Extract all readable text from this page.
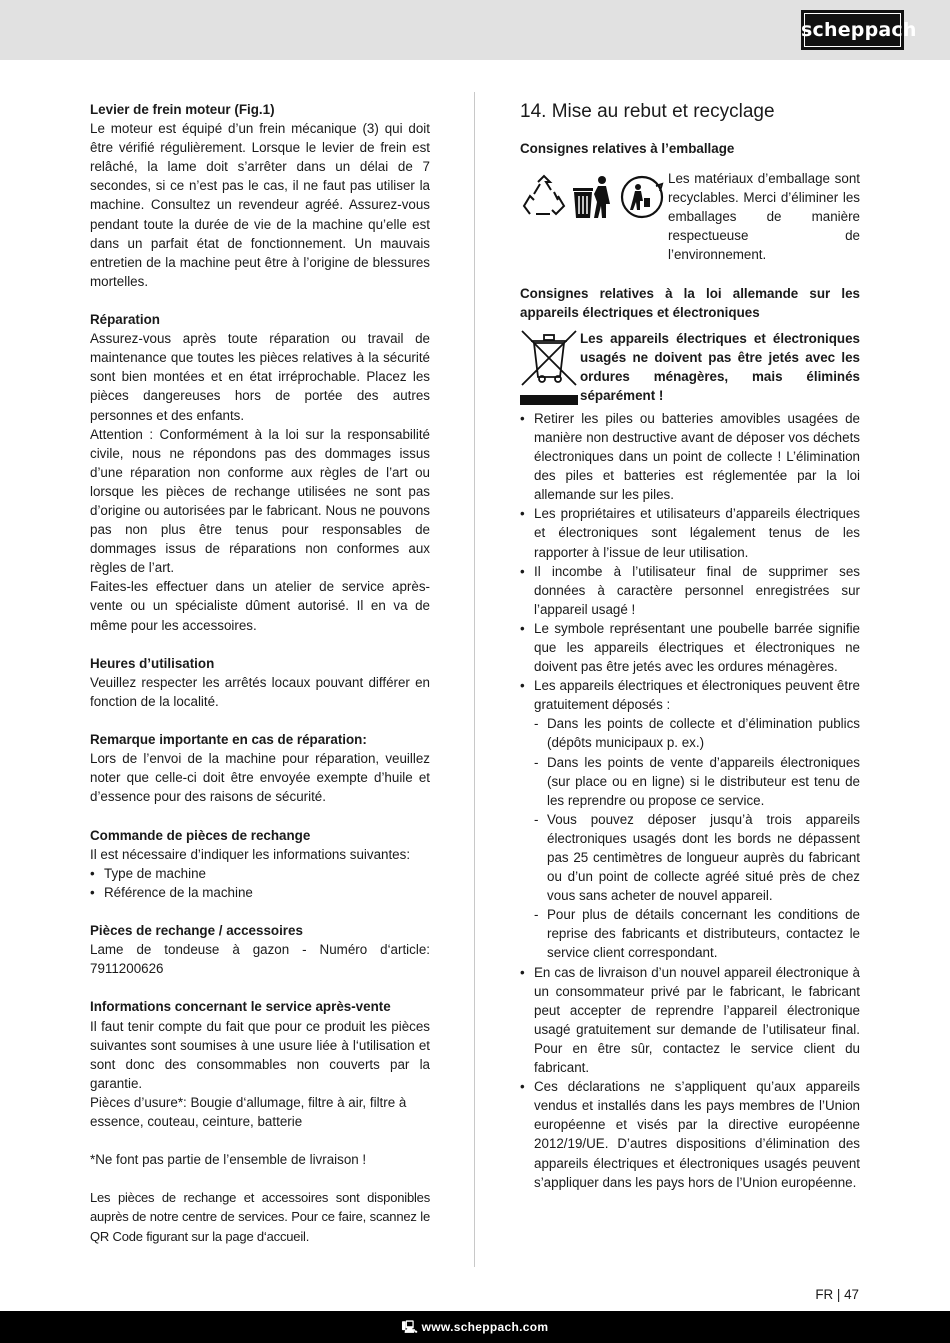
scheppach

Levier de frein moteur (Fig.1)

Le moteur est équipé d’un frein mécanique (3) qui doit être vérifié régulièrement. Lorsque le levier de frein est relâché, la lame doit s’arrêter dans un délai de 7 secondes, si ce n’est pas le cas, il ne faut pas utiliser la machine. Consultez un revendeur agréé. Assurez-vous pendant toute la durée de vie de la machine qu’elle est dans un parfait état de fonctionnement. Un mauvais entretien de la machine peut être à l’origine de blessures mortelles.

Réparation

Assurez-vous après toute réparation ou travail de maintenance que toutes les pièces relatives à la sécurité sont bien montées et en état irréprochable. Placez les pièces dangereuses hors de portée des autres personnes et des enfants.

Attention : Conformément à la loi sur la responsabilité civile, nous ne répondons pas des dommages issus d’une réparation non conforme aux règles de l’art ou lorsque les pièces de rechange utilisées ne sont pas d’origine ou autorisées par le fabricant. Nous ne pouvons pas non plus être tenus pour responsables de dommages issus de réparations non conformes aux règles de l’art.

Faites-les effectuer dans un atelier de service après-vente ou un spécialiste dûment autorisé. Il en va de même pour les accessoires.

Heures d’utilisation

Veuillez respecter les arrêtés locaux pouvant différer en fonction de la localité.

Remarque importante en cas de réparation:

Lors de l’envoi de la machine pour réparation, veuillez noter que celle-ci doit être envoyée exempte d’huile et d’essence pour des raisons de sécurité.

Commande de pièces de rechange

Il est nécessaire d’indiquer les informations suivantes:

• Type de machine

• Référence de la machine

Pièces de rechange / accessoires

Lame de tondeuse à gazon - Numéro d‘article: 7911200626

Informations concernant le service après-vente

Il faut tenir compte du fait que pour ce produit les pièces suivantes sont soumises à une usure liée à l‘utilisation et sont donc des consommables non couverts par la garantie.

Pièces d’usure*: Bougie d‘allumage, filtre à air, filtre à essence, couteau, ceinture, batterie

*Ne font pas partie de l’ensemble de livraison !

Les pièces de rechange et accessoires sont disponibles auprès de notre centre de services. Pour ce faire, scannez le QR Code figurant sur la page d‘accueil.

14. Mise au rebut et recyclage

Consignes relatives à l’emballage

Les matériaux d’emballage sont recyclables. Merci d’éliminer les emballages de manière respectueuse de l’environnement.

Consignes relatives à la loi allemande sur les appareils électriques et électroniques

Les appareils électriques et électroniques usagés ne doivent pas être jetés avec les ordures ménagères, mais éliminés séparément !

• Retirer les piles ou batteries amovibles usagées de manière non destructive avant de déposer vos déchets électroniques dans un point de collecte ! L’élimination des piles et batteries est réglementée par la loi allemande sur les piles.

• Les propriétaires et utilisateurs d’appareils électriques et électroniques sont légalement tenus de les rapporter à l’issue de leur utilisation.

• Il incombe à l’utilisateur final de supprimer ses données à caractère personnel enregistrées sur l’appareil usagé !

• Le symbole représentant une poubelle barrée signifie que les appareils électriques et électroniques ne doivent pas être jetés avec les ordures ménagères.

• Les appareils électriques et électroniques peuvent être gratuitement déposés :

- Dans les points de collecte et d’élimination publics (dépôts municipaux p. ex.)

- Dans les points de vente d’appareils électroniques (sur place ou en ligne) si le distributeur est tenu de les reprendre ou propose ce service.

- Vous pouvez déposer jusqu’à trois appareils électroniques usagés dont les bords ne dépassent pas 25 centimètres de longueur auprès du fabricant ou d’un point de collecte agréé situé près de chez vous sans acheter de nouvel appareil.

- Pour plus de détails concernant les conditions de reprise des fabricants et distributeurs, contactez le service client correspondant.

• En cas de livraison d’un nouvel appareil électronique à un consommateur privé par le fabricant, le fabricant peut accepter de reprendre l’appareil électronique usagé gratuitement sur demande de l’utilisateur final. Pour en être sûr, contactez le service client du fabricant.

• Ces déclarations ne s’appliquent qu’aux appareils vendus et installés dans les pays membres de l’Union européenne et visés par la directive européenne 2012/19/UE. D’autres dispositions d’élimination des appareils électriques et électroniques usagés peuvent s’appliquer dans les pays hors de l’Union européenne.

FR | 47
🖳 www.scheppach.com
